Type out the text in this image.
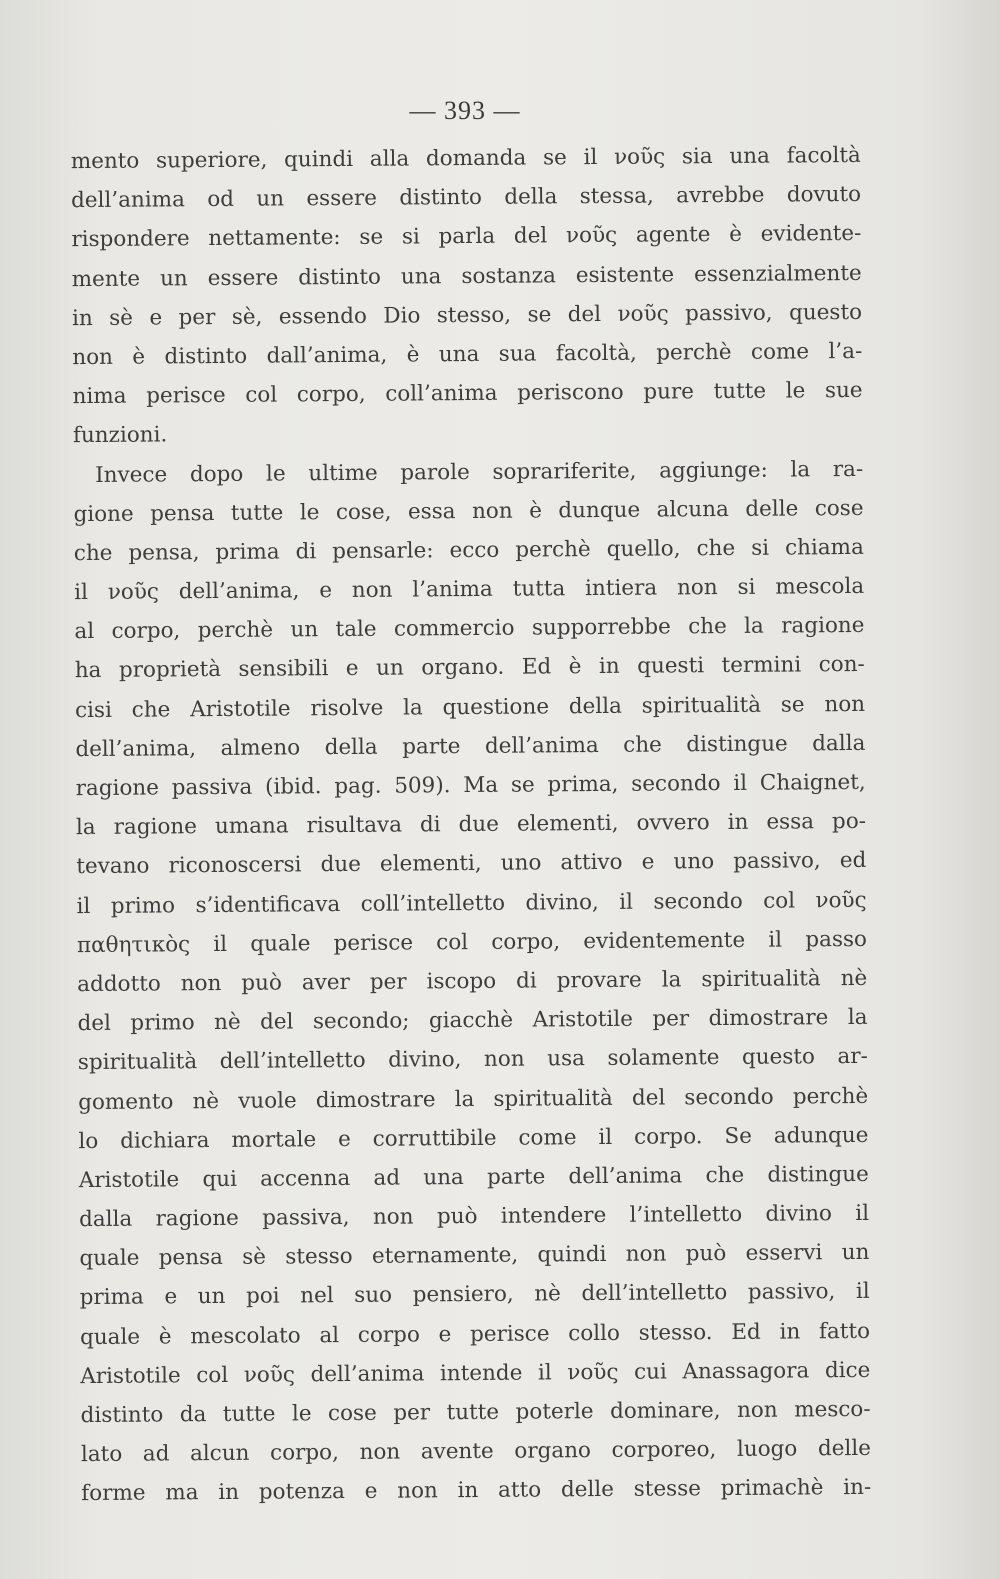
— 393 —
mento superiore, quindi alla domanda se il νοῦς sia una facoltà
dell’anima od un essere distinto della stessa, avrebbe dovuto
rispondere nettamente: se si parla del νοῦς agente è evidente-
mente un essere distinto una sostanza esistente essenzialmente
in sè e per sè, essendo Dio stesso, se del νοῦς passivo, questo
non è distinto dall’anima, è una sua facoltà, perchè come l’a-
nima perisce col corpo, coll’anima periscono pure tutte le sue
funzioni.
Invece dopo le ultime parole soprariferite, aggiunge: la ra-
gione pensa tutte le cose, essa non è dunque alcuna delle cose
che pensa, prima di pensarle: ecco perchè quello, che si chiama
il νοῦς dell’anima, e non l’anima tutta intiera non si mescola
al corpo, perchè un tale commercio supporrebbe che la ragione
ha proprietà sensibili e un organo. Ed è in questi termini con-
cisi che Aristotile risolve la questione della spiritualità se non
dell’anima, almeno della parte dell’anima che distingue dalla
ragione passiva (ibid. pag. 509). Ma se prima, secondo il Chaignet,
la ragione umana risultava di due elementi, ovvero in essa po-
tevano riconoscersi due elementi, uno attivo e uno passivo, ed
il primo s’identificava coll’intelletto divino, il secondo col νοῦς
παθητικὸς il quale perisce col corpo, evidentemente il passo
addotto non può aver per iscopo di provare la spiritualità nè
del primo nè del secondo; giacchè Aristotile per dimostrare la
spiritualità dell’intelletto divino, non usa solamente questo ar-
gomento nè vuole dimostrare la spiritualità del secondo perchè
lo dichiara mortale e corruttibile come il corpo. Se adunque
Aristotile qui accenna ad una parte dell’anima che distingue
dalla ragione passiva, non può intendere l’intelletto divino il
quale pensa sè stesso eternamente, quindi non può esservi un
prima e un poi nel suo pensiero, nè dell’intelletto passivo, il
quale è mescolato al corpo e perisce collo stesso. Ed in fatto
Aristotile col νοῦς dell’anima intende il νοῦς cui Anassagora dice
distinto da tutte le cose per tutte poterle dominare, non mesco-
lato ad alcun corpo, non avente organo corporeo, luogo delle
forme ma in potenza e non in atto delle stesse primachè in-
